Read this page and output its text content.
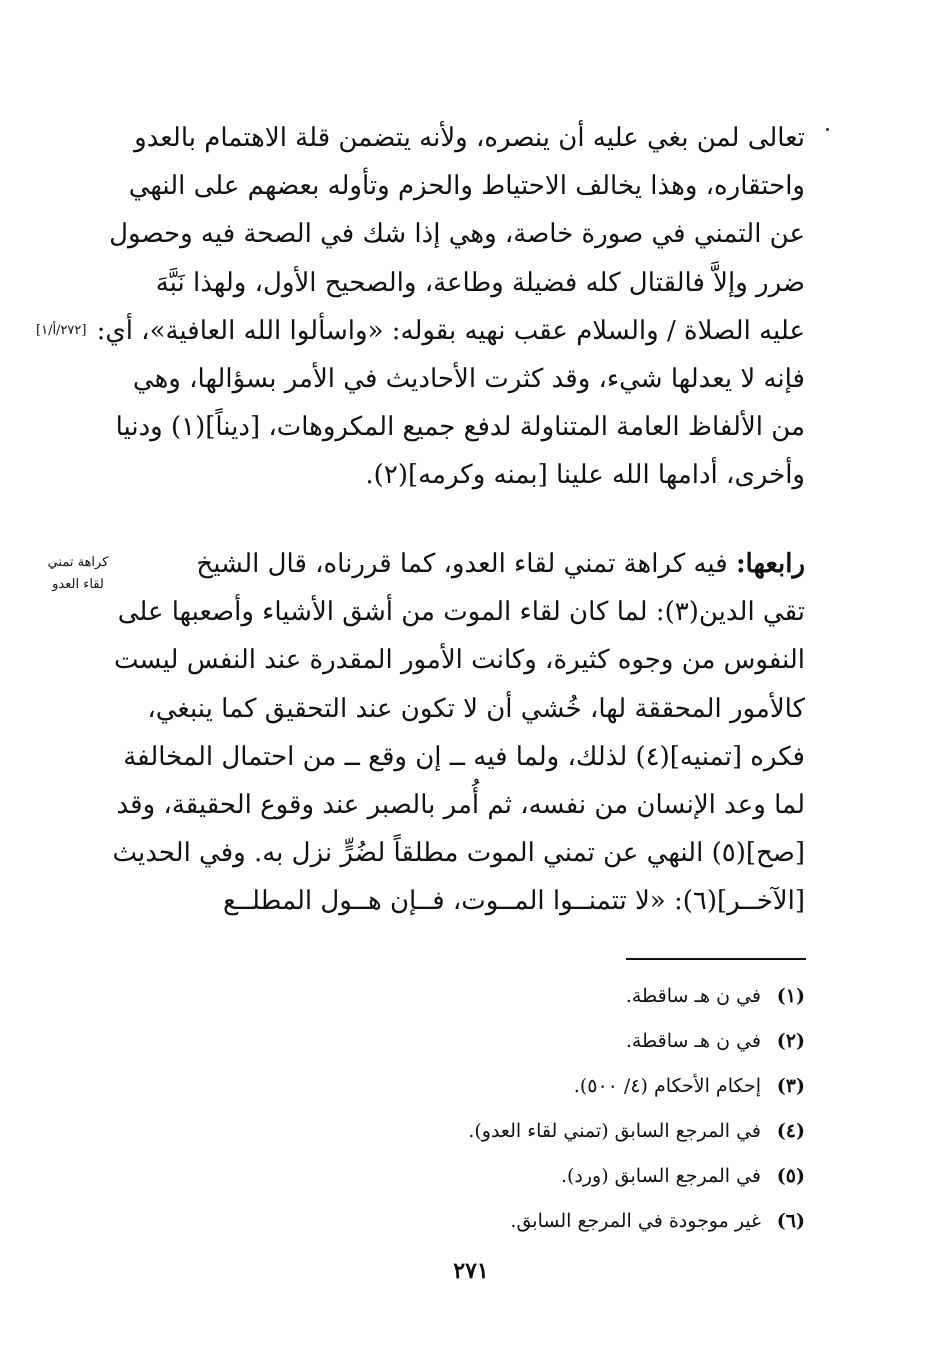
تعالى لمن بغي عليه أن ينصره، ولأنه يتضمن قلة الاهتمام بالعدو
واحتقاره، وهذا يخالف الاحتياط والحزم وتأوله بعضهم على النهي
عن التمني في صورة خاصة، وهي إذا شك في الصحة فيه وحصول
ضرر وإلاَّ فالقتال كله فضيلة وطاعة، والصحيح الأول، ولهذا نَبَّهَ
عليه الصلاة / والسلام عقب نهيه بقوله: «واسألوا الله العافية»، أي:
فإنه لا يعدلها شيء، وقد كثرت الأحاديث في الأمر بسؤالها، وهي
من الألفاظ العامة المتناولة لدفع جميع المكروهات، [ديناً](١) ودنيا
وأخرى، أدامها الله علينا [بمنه وكرمه](٢).
[٢٧٢/أ/١]
رابعها: فيه كراهة تمني لقاء العدو، كما قررناه، قال الشيخ
تقي الدين(٣): لما كان لقاء الموت من أشق الأشياء وأصعبها على
النفوس من وجوه كثيرة، وكانت الأمور المقدرة عند النفس ليست
كالأمور المحققة لها، خُشي أن لا تكون عند التحقيق كما ينبغي،
فكره [تمنيه](٤) لذلك، ولما فيه ــ إن وقع ــ من احتمال المخالفة
لما وعد الإنسان من نفسه، ثم أُمر بالصبر عند وقوع الحقيقة، وقد
[صح](٥) النهي عن تمني الموت مطلقاً لضُرٍّ نزل به. وفي الحديث
[الآخــر](٦): «لا تتمنــوا المــوت، فــإن هــول المطلــع
كراهة تمني
لقاء العدو
(١)في ن هـ ساقطة.
(٢)في ن هـ ساقطة.
(٣)إحكام الأحكام (٤/ ٥٠٠).
(٤)في المرجع السابق (تمني لقاء العدو).
(٥)في المرجع السابق (ورد).
(٦)غير موجودة في المرجع السابق.
٢٧١
